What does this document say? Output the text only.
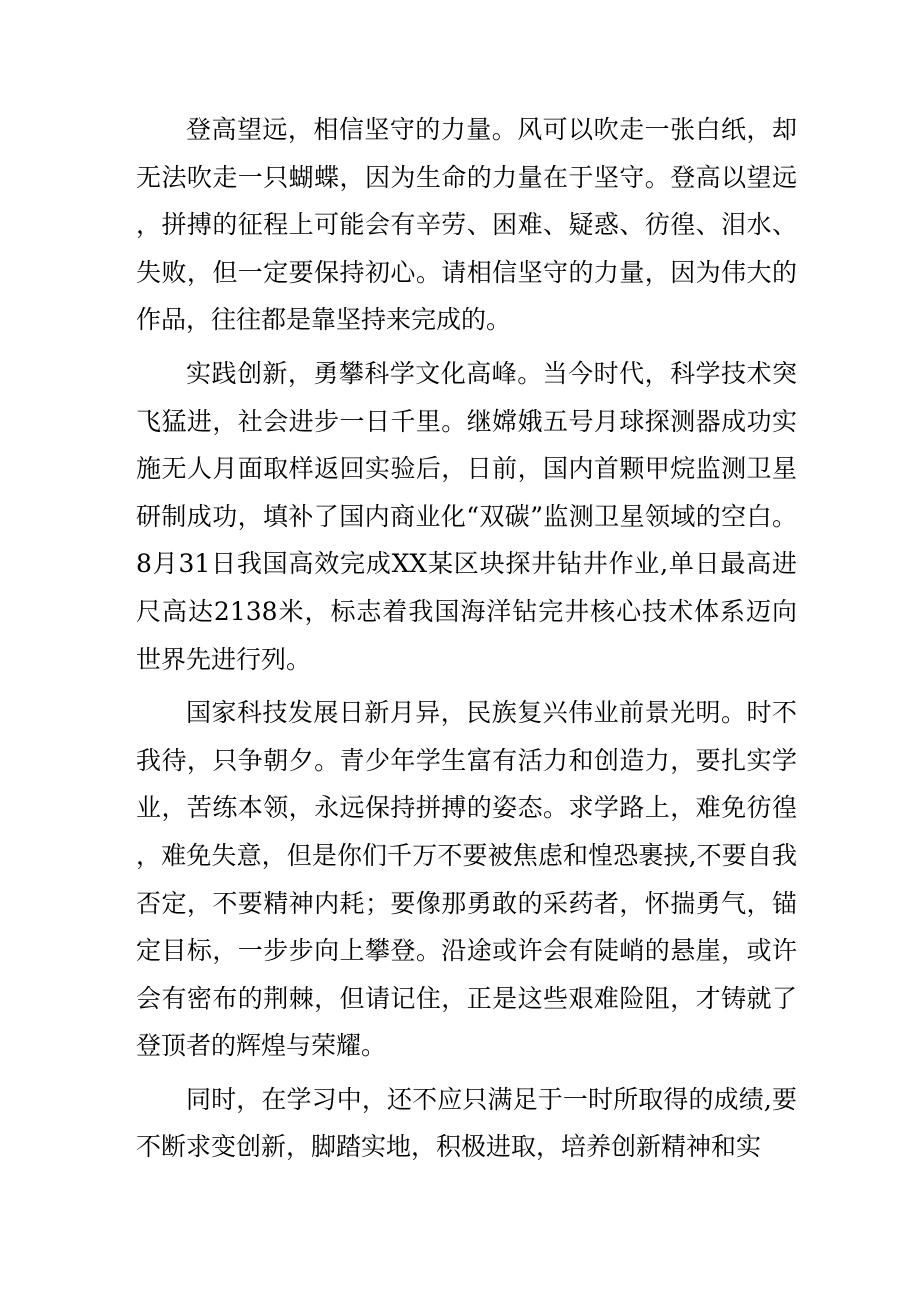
登高望远，相信坚守的力量。风可以吹走一张白纸，却无法吹走一只蝴蝶，因为生命的力量在于坚守。登高以望远，拼搏的征程上可能会有辛劳、困难、疑惑、彷徨、泪水、失败，但一定要保持初心。请相信坚守的力量，因为伟大的作品，往往都是靠坚持来完成的。

实践创新，勇攀科学文化高峰。当今时代，科学技术突飞猛进，社会进步一日千里。继嫦娥五号月球探测器成功实施无人月面取样返回实验后，日前，国内首颗甲烷监测卫星研制成功，填补了国内商业化“双碳”监测卫星领域的空白。8月31日我国高效完成XX某区块探井钻井作业,单日最高进尺高达2138米，标志着我国海洋钻完井核心技术体系迈向世界先进行列。

国家科技发展日新月异，民族复兴伟业前景光明。时不我待，只争朝夕。青少年学生富有活力和创造力，要扎实学业，苦练本领，永远保持拼搏的姿态。求学路上，难免彷徨，难免失意，但是你们千万不要被焦虑和惶恐裹挟,不要自我否定，不要精神内耗；要像那勇敢的采药者，怀揣勇气，锚定目标，一步步向上攀登。沿途或许会有陡峭的悬崖，或许会有密布的荆棘，但请记住，正是这些艰难险阻，才铸就了登顶者的辉煌与荣耀。

同时，在学习中，还不应只满足于一时所取得的成绩,要不断求变创新，脚踏实地，积极进取，培养创新精神和实
